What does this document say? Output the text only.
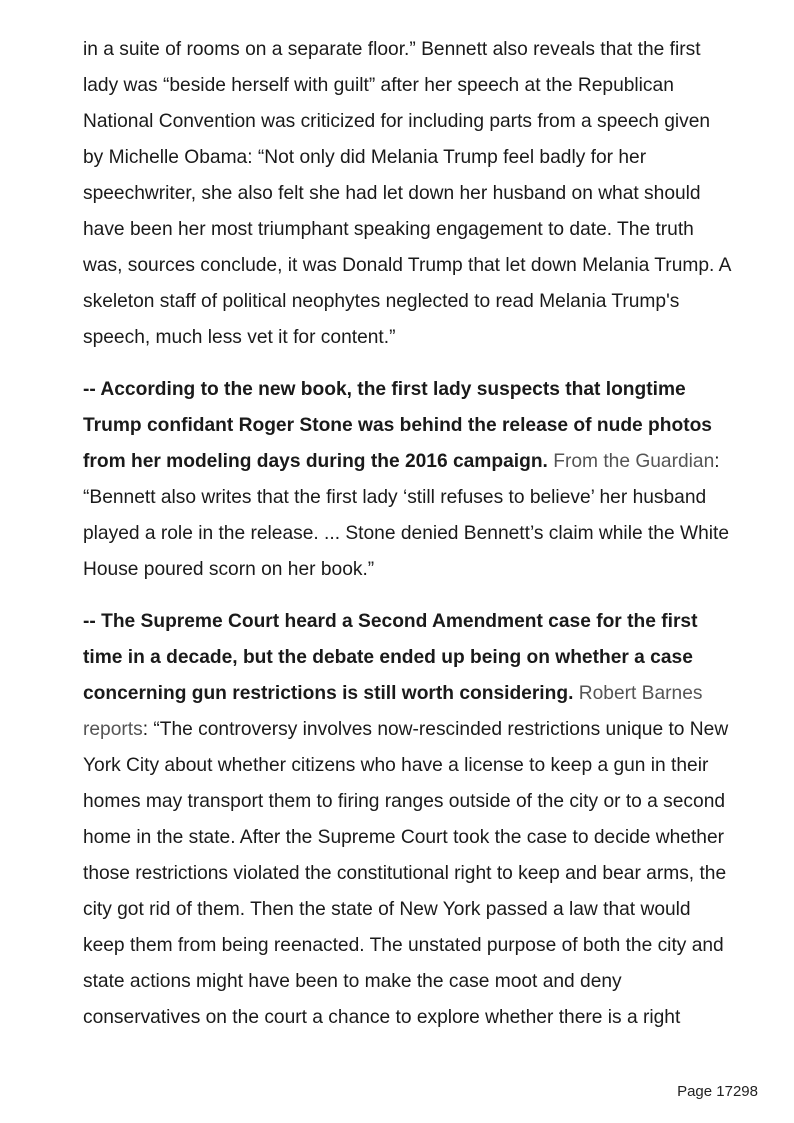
in a suite of rooms on a separate floor.” Bennett also reveals that the first lady was “beside herself with guilt” after her speech at the Republican National Convention was criticized for including parts from a speech given by Michelle Obama: “Not only did Melania Trump feel badly for her speechwriter, she also felt she had let down her husband on what should have been her most triumphant speaking engagement to date. The truth was, sources conclude, it was Donald Trump that let down Melania Trump. A skeleton staff of political neophytes neglected to read Melania Trump's speech, much less vet it for content.”

-- According to the new book, the first lady suspects that longtime Trump confidant Roger Stone was behind the release of nude photos from her modeling days during the 2016 campaign. From the Guardian: “Bennett also writes that the first lady ‘still refuses to believe’ her husband played a role in the release. ... Stone denied Bennett’s claim while the White House poured scorn on her book.”

-- The Supreme Court heard a Second Amendment case for the first time in a decade, but the debate ended up being on whether a case concerning gun restrictions is still worth considering. Robert Barnes reports: “The controversy involves now-rescinded restrictions unique to New York City about whether citizens who have a license to keep a gun in their homes may transport them to firing ranges outside of the city or to a second home in the state. After the Supreme Court took the case to decide whether those restrictions violated the constitutional right to keep and bear arms, the city got rid of them. Then the state of New York passed a law that would keep them from being reenacted. The unstated purpose of both the city and state actions might have been to make the case moot and deny conservatives on the court a chance to explore whether there is a right

Page 17298
